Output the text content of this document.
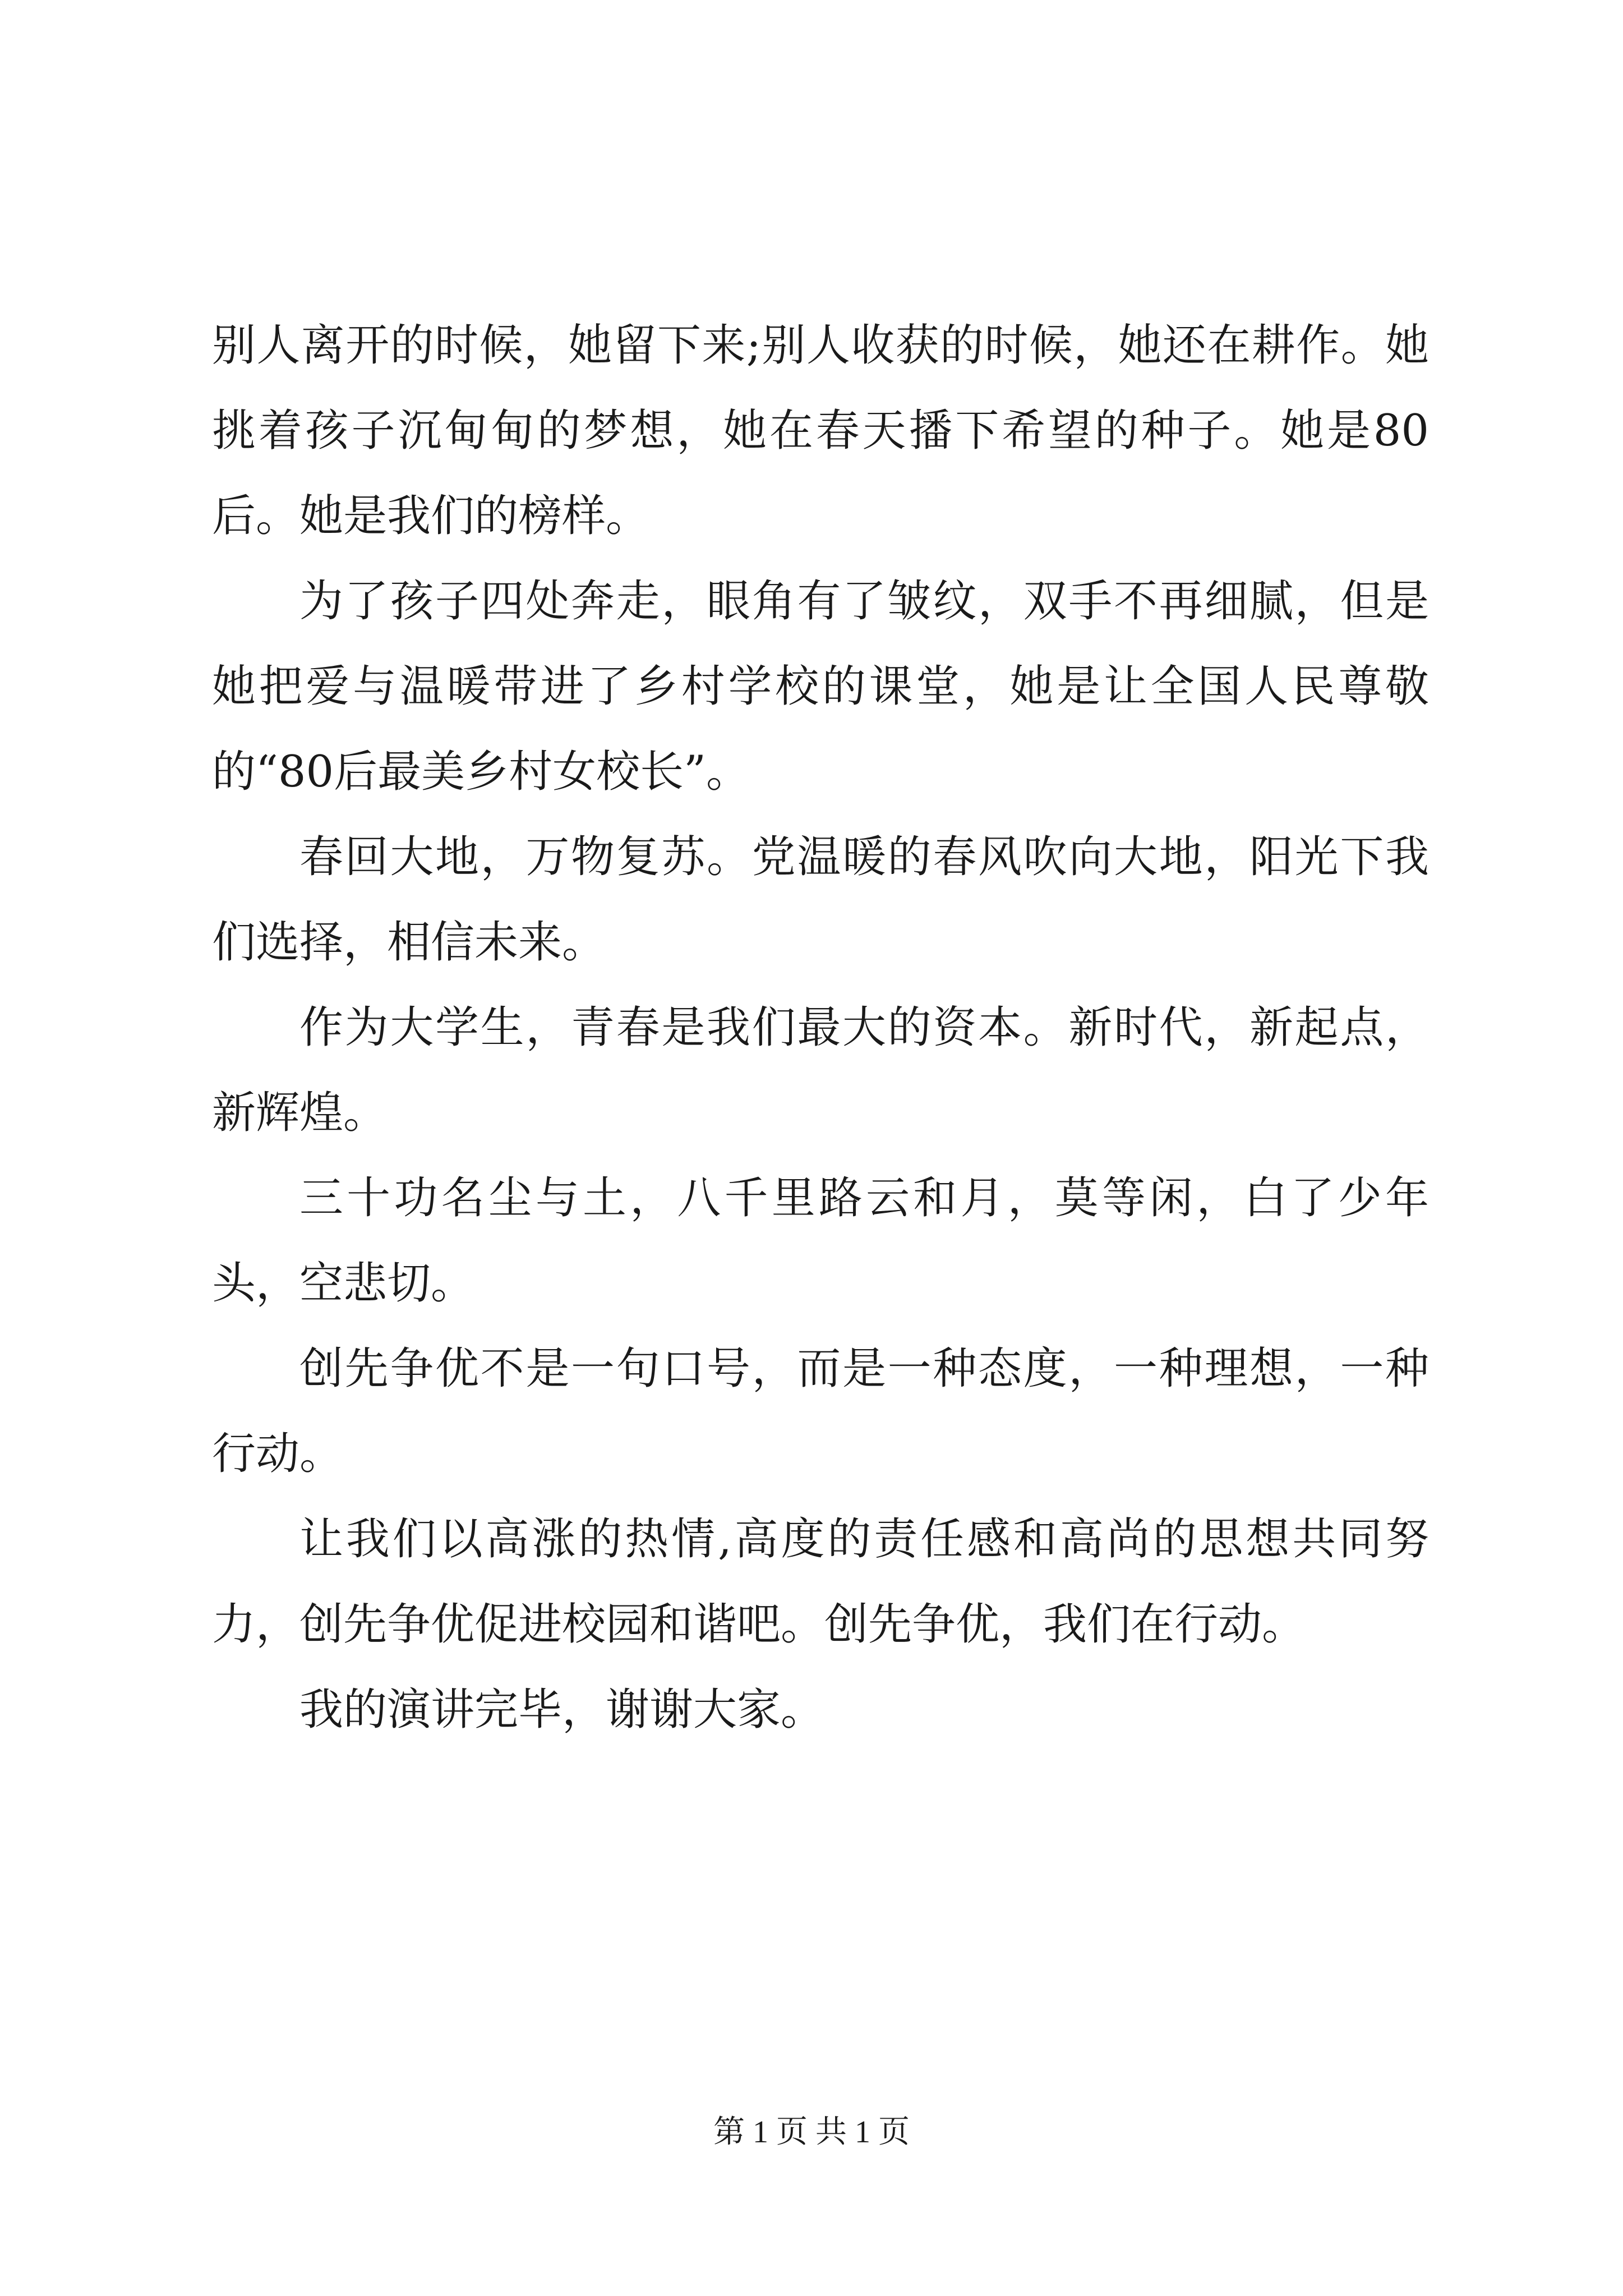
别人离开的时候，她留下来;别人收获的时候，她还在耕作。她挑着孩子沉甸甸的梦想，她在春天播下希望的种子。她是80后。她是我们的榜样。

为了孩子四处奔走，眼角有了皱纹，双手不再细腻，但是她把爱与温暖带进了乡村学校的课堂，她是让全国人民尊敬的“80后最美乡村女校长”。

春回大地，万物复苏。党温暖的春风吹向大地，阳光下我们选择，相信未来。

作为大学生，青春是我们最大的资本。新时代，新起点，新辉煌。

三十功名尘与土，八千里路云和月，莫等闲，白了少年头，空悲切。

创先争优不是一句口号，而是一种态度，一种理想，一种行动。

让我们以高涨的热情,高度的责任感和高尚的思想共同努力，创先争优促进校园和谐吧。创先争优，我们在行动。

我的演讲完毕，谢谢大家。

第 1 页 共 1 页
